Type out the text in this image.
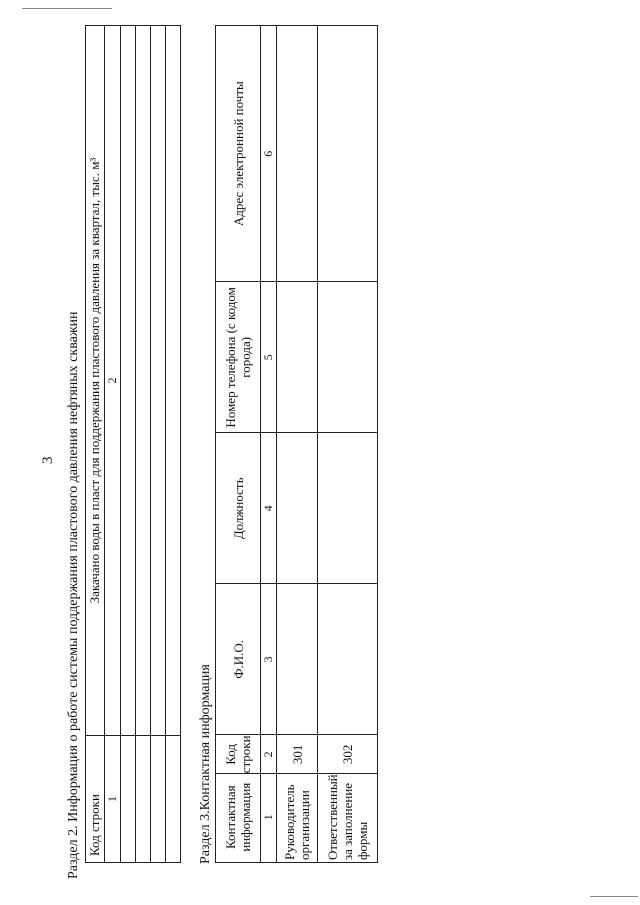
3 Раздел 2. Информация о работе системы поддержания пластового давления нефтяных скважин Код строки	Закачано воды в пласт для поддержания пластового давления за квартал, тыс. м³
1	2

Раздел 3.Контактная информация Контактная информация	Код строки	Ф.И.О.	Должность	Номер телефона (с кодом города)	Адрес электронной почты
1	2	3	4	5	6
Руководитель организации	301				
Ответственный за заполнение формы	302				
